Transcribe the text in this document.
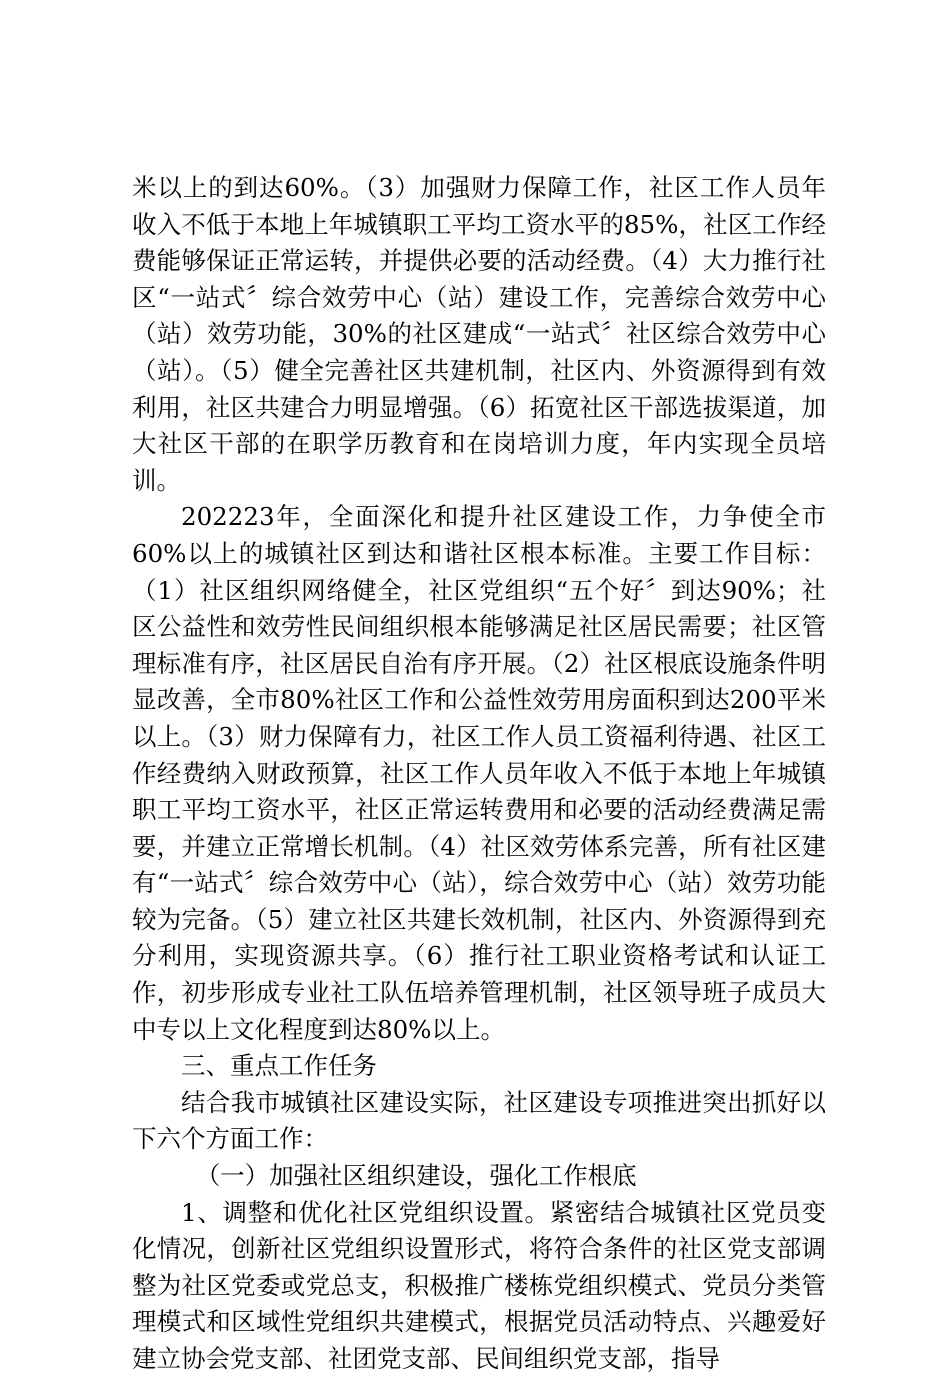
米以上的到达60%。（3）加强财力保障工作，社区工作人员年收入不低于本地上年城镇职工平均工资水平的85%，社区工作经费能够保证正常运转，并提供必要的活动经费。（4）大力推行社区“一站式〞综合效劳中心（站）建设工作，完善综合效劳中心（站）效劳功能，30%的社区建成“一站式〞社区综合效劳中心（站）。（5）健全完善社区共建机制，社区内、外资源得到有效利用，社区共建合力明显增强。（6）拓宽社区干部选拔渠道，加大社区干部的在职学历教育和在岗培训力度，年内实现全员培训。

202223年，全面深化和提升社区建设工作，力争使全市60%以上的城镇社区到达和谐社区根本标准。主要工作目标：（1）社区组织网络健全，社区党组织“五个好〞到达90%；社区公益性和效劳性民间组织根本能够满足社区居民需要；社区管理标准有序，社区居民自治有序开展。（2）社区根底设施条件明显改善，全市80%社区工作和公益性效劳用房面积到达200平米以上。（3）财力保障有力，社区工作人员工资福利待遇、社区工作经费纳入财政预算，社区工作人员年收入不低于本地上年城镇职工平均工资水平，社区正常运转费用和必要的活动经费满足需要，并建立正常增长机制。（4）社区效劳体系完善，所有社区建有“一站式〞综合效劳中心（站），综合效劳中心（站）效劳功能较为完备。（5）建立社区共建长效机制，社区内、外资源得到充分利用，实现资源共享。（6）推行社工职业资格考试和认证工作，初步形成专业社工队伍培养管理机制，社区领导班子成员大中专以上文化程度到达80%以上。

三、重点工作任务

结合我市城镇社区建设实际，社区建设专项推进突出抓好以下六个方面工作：

（一）加强社区组织建设，强化工作根底

1、调整和优化社区党组织设置。紧密结合城镇社区党员变化情况，创新社区党组织设置形式，将符合条件的社区党支部调整为社区党委或党总支，积极推广楼栋党组织模式、党员分类管理模式和区域性党组织共建模式，根据党员活动特点、兴趣爱好建立协会党支部、社团党支部、民间组织党支部，指导
